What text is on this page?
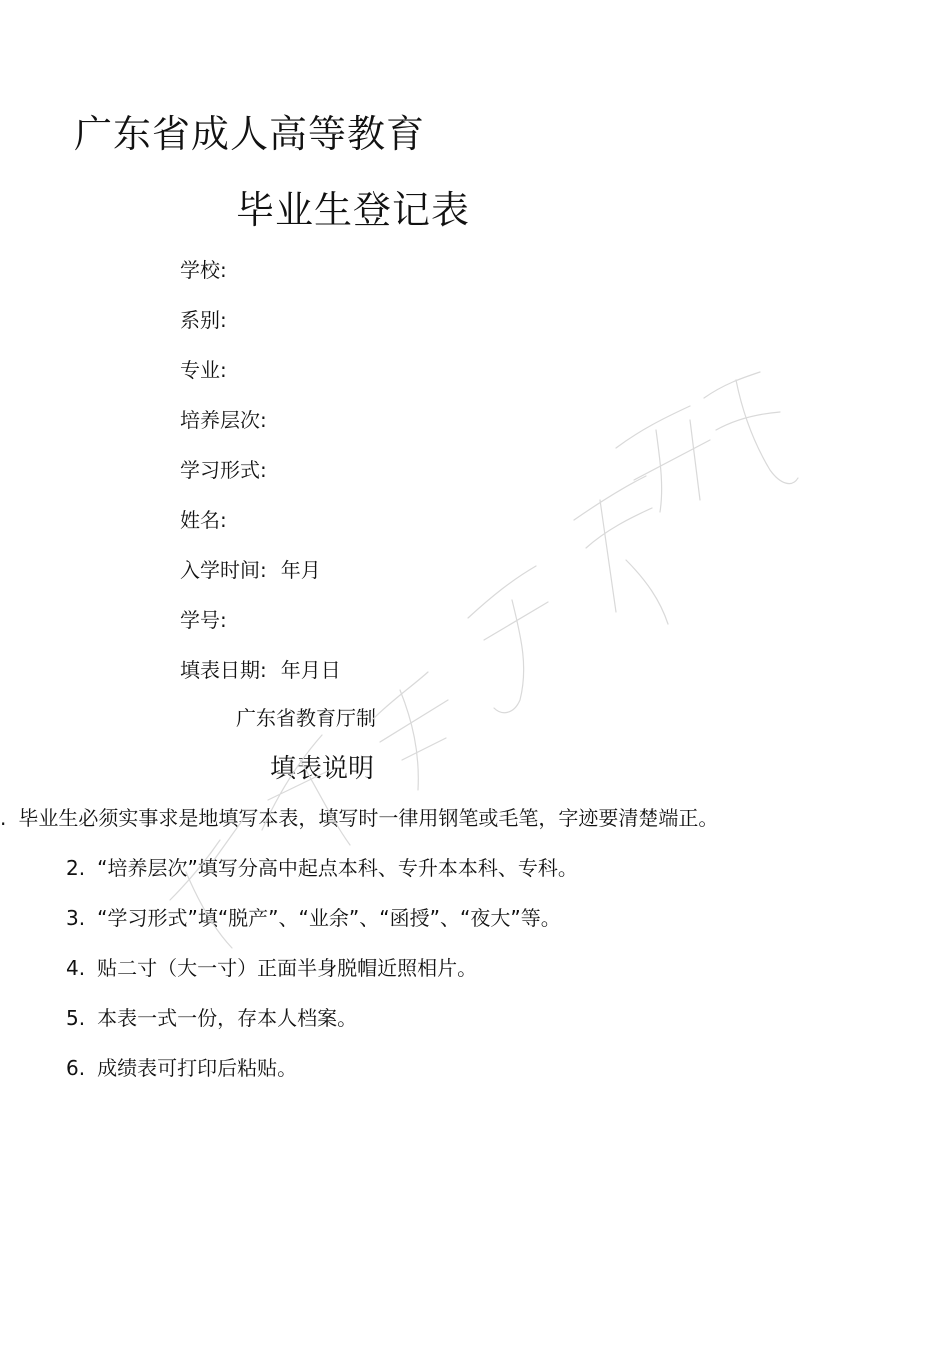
广东省成人高等教育
毕业生登记表
学校:
系别:
专业:
培养层次:
学习形式:
姓名:
入学时间: 年月
学号:
填表日期: 年月日
广东省教育厅制
填表说明
. 毕业生必须实事求是地填写本表，填写时一律用钢笔或毛笔，字迹要清楚端正。
2. “培养层次”填写分高中起点本科、专升本本科、专科。
3. “学习形式”填“脱产”、“业余”、“函授”、“夜大”等。
4. 贴二寸（大一寸）正面半身脱帽近照相片。
5. 本表一式一份，存本人档案。
6. 成绩表可打印后粘贴。
